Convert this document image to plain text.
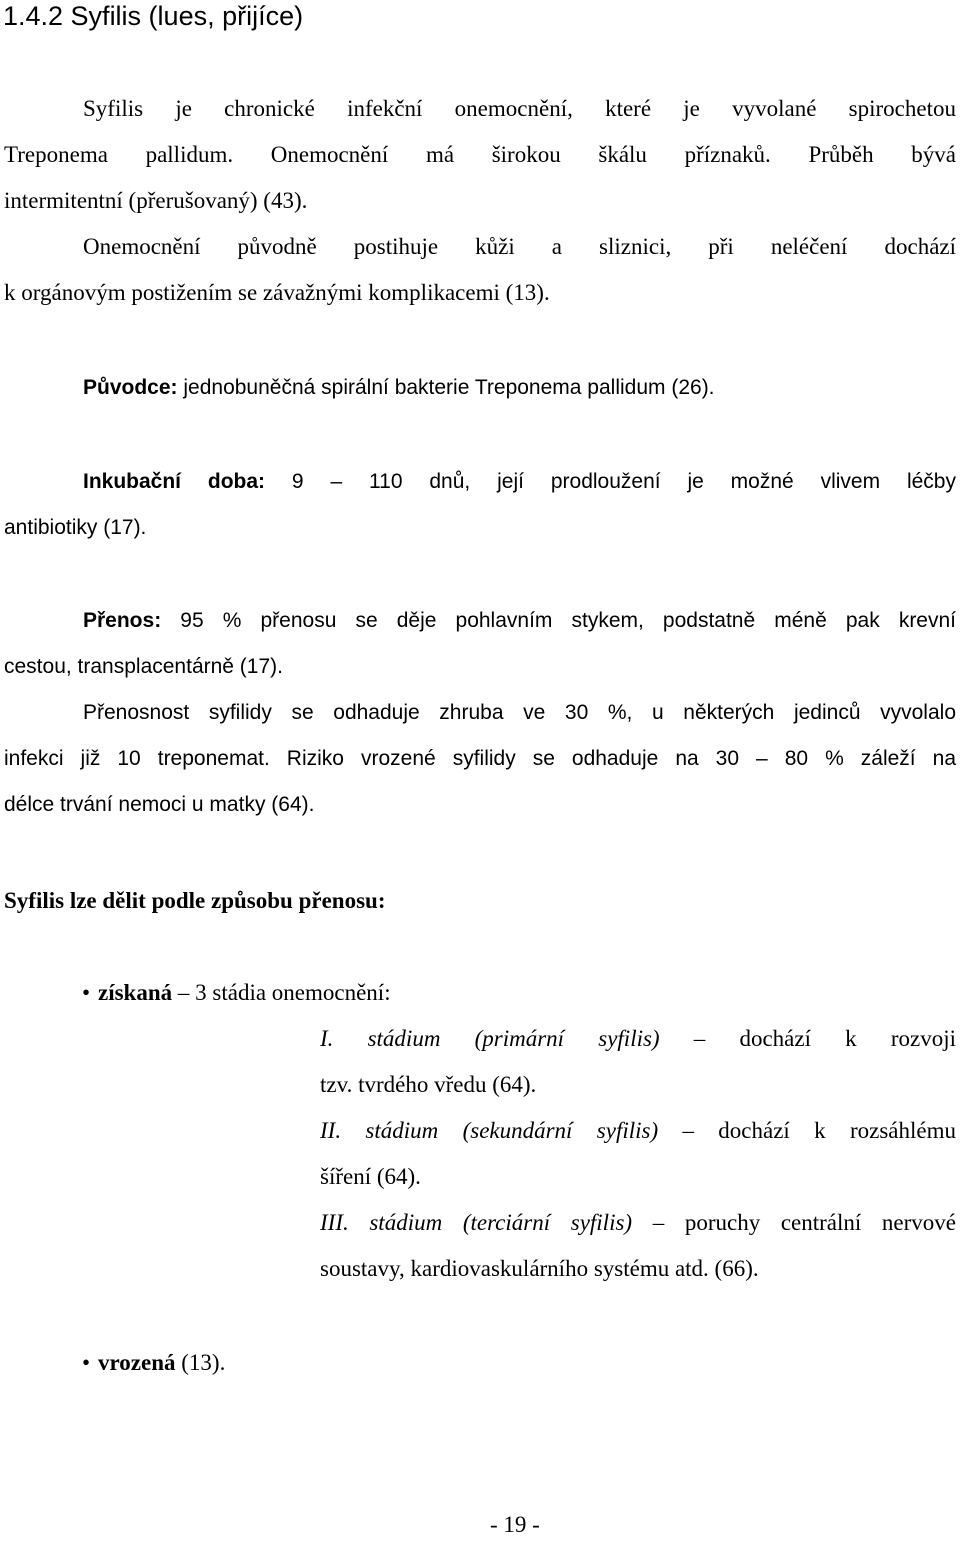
1.4.2 Syfilis (lues, přijíce)
Syfilis je chronické infekční onemocnění, které je vyvolané spirochetou
Treponema pallidum. Onemocnění má širokou škálu příznaků. Průběh bývá
intermitentní (přerušovaný) (43).
Onemocnění původně postihuje kůži a sliznici, při neléčení dochází
k orgánovým postižením se závažnými komplikacemi (13).
Původce: jednobuněčná spirální bakterie Treponema pallidum (26).
Inkubační doba: 9 – 110 dnů, její prodloužení je možné vlivem léčby
antibiotiky (17).
Přenos: 95 % přenosu se děje pohlavním stykem, podstatně méně pak krevní
cestou, transplacentárně (17).
Přenosnost syfilidy se odhaduje zhruba ve 30 %, u některých jedinců vyvolalo
infekci již 10 treponemat. Riziko vrozené syfilidy se odhaduje na 30 – 80 % záleží na
délce trvání nemoci u matky (64).
Syfilis lze dělit podle způsobu přenosu:
• získaná – 3 stádia onemocnění:
I. stádium (primární syfilis) – dochází k rozvoji
tzv. tvrdého vředu (64).
II. stádium (sekundární syfilis) – dochází k rozsáhlému
šíření (64).
III. stádium (terciární syfilis) – poruchy centrální nervové
soustavy, kardiovaskulárního systému atd. (66).
• vrozená (13).
- 19 -
